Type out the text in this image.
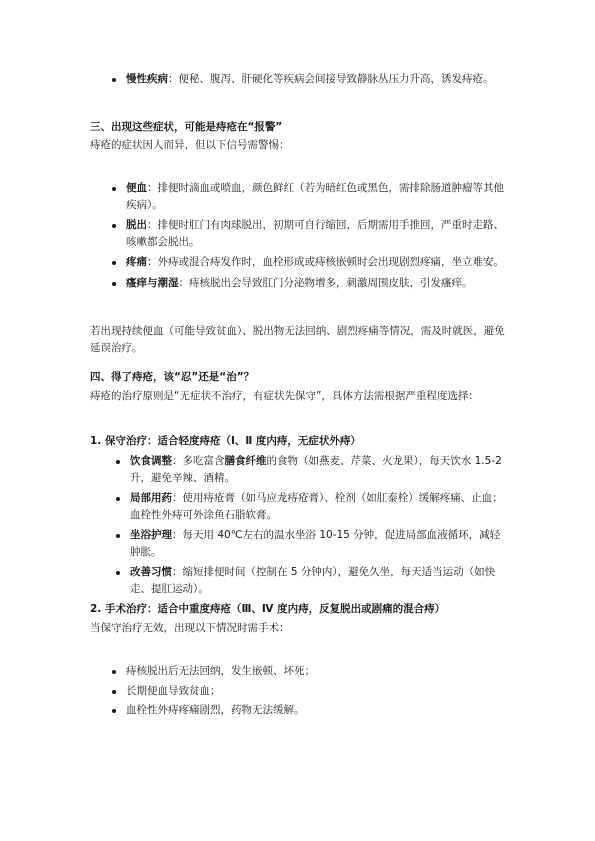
慢性疾病：便秘、腹泻、肝硬化等疾病会间接导致静脉丛压力升高，诱发痔疮。
三、出现这些症状，可能是痔疮在“报警”
痔疮的症状因人而异，但以下信号需警惕：
便血：排便时滴血或喷血，颜色鲜红（若为暗红色或黑色，需排除肠道肿瘤等其他疾病）。
脱出：排便时肛门有肉球脱出，初期可自行缩回，后期需用手推回，严重时走路、咳嗽都会脱出。
疼痛：外痔或混合痔发作时，血栓形成或痔核嵌顿时会出现剧烈疼痛，坐立难安。
瘙痒与潮湿：痔核脱出会导致肛门分泌物增多，刺激周围皮肤，引发瘙痒。
若出现持续便血（可能导致贫血）、脱出物无法回纳、剧烈疼痛等情况，需及时就医，避免延误治疗。
四、得了痔疮，该“忍”还是“治”？
痔疮的治疗原则是“无症状不治疗，有症状先保守”，具体方法需根据严重程度选择：
1. 保守治疗：适合轻度痔疮（Ⅰ、Ⅱ 度内痔，无症状外痔）
饮食调整：多吃富含膳食纤维的食物（如燕麦、芹菜、火龙果），每天饮水 1.5-2 升，避免辛辣、酒精。
局部用药：使用痔疮膏（如马应龙痔疮膏）、栓剂（如肛泰栓）缓解疼痛、止血；血栓性外痔可外涂鱼石脂软膏。
坐浴护理：每天用 40℃左右的温水坐浴 10-15 分钟，促进局部血液循环，减轻肿胀。
改善习惯：缩短排便时间（控制在 5 分钟内），避免久坐，每天适当运动（如快走、提肛运动）。
2. 手术治疗：适合中重度痔疮（Ⅲ、Ⅳ 度内痔，反复脱出或剧痛的混合痔）
当保守治疗无效，出现以下情况时需手术：
痔核脱出后无法回纳，发生嵌顿、坏死；
长期便血导致贫血；
血栓性外痔疼痛剧烈，药物无法缓解。
